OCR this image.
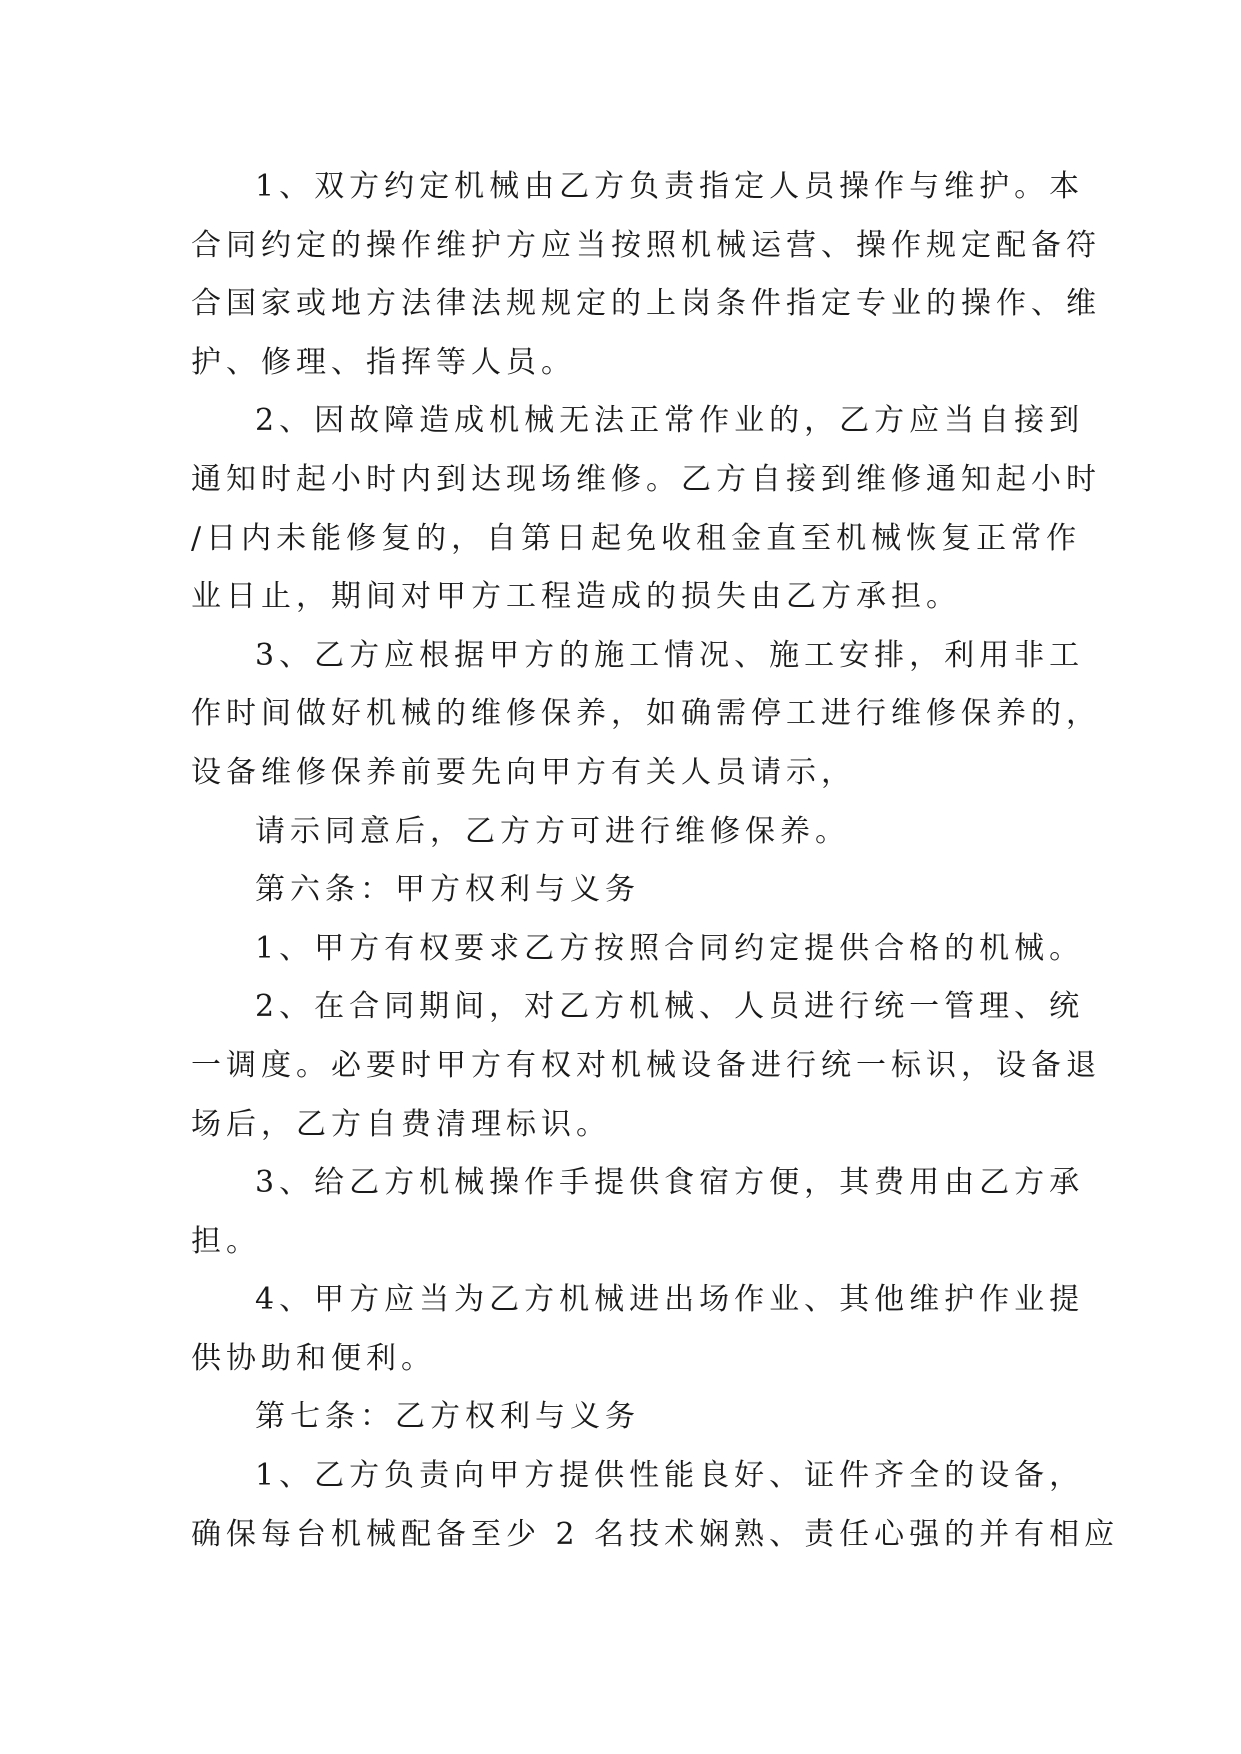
1、双方约定机械由乙方负责指定人员操作与维护。本
合同约定的操作维护方应当按照机械运营、操作规定配备符
合国家或地方法律法规规定的上岗条件指定专业的操作、维
护、修理、指挥等人员。
2、因故障造成机械无法正常作业的，乙方应当自接到
通知时起小时内到达现场维修。乙方自接到维修通知起小时
/日内未能修复的，自第日起免收租金直至机械恢复正常作
业日止，期间对甲方工程造成的损失由乙方承担。
3、乙方应根据甲方的施工情况、施工安排，利用非工
作时间做好机械的维修保养，如确需停工进行维修保养的，
设备维修保养前要先向甲方有关人员请示，
请示同意后，乙方方可进行维修保养。
第六条：甲方权利与义务
1、甲方有权要求乙方按照合同约定提供合格的机械。
2、在合同期间，对乙方机械、人员进行统一管理、统
一调度。必要时甲方有权对机械设备进行统一标识，设备退
场后，乙方自费清理标识。
3、给乙方机械操作手提供食宿方便，其费用由乙方承
担。
4、甲方应当为乙方机械进出场作业、其他维护作业提
供协助和便利。
第七条：乙方权利与义务
1、乙方负责向甲方提供性能良好、证件齐全的设备，
确保每台机械配备至少 2 名技术娴熟、责任心强的并有相应
